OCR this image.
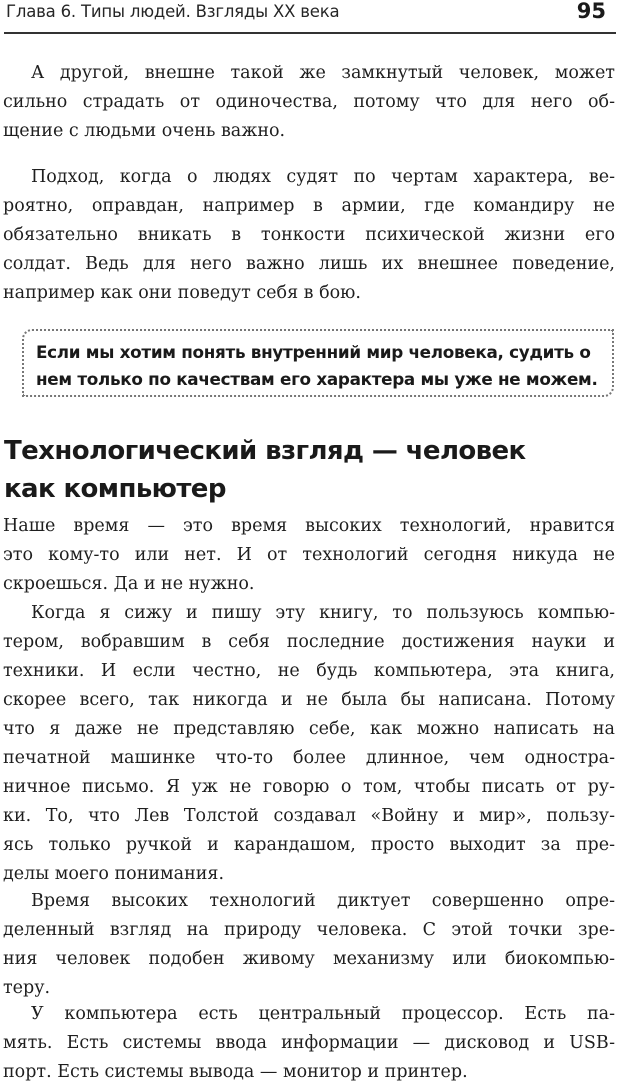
Глава 6. Типы людей. Взгляды XX века	95
А другой, внешне такой же замкнутый человек, может
сильно страдать от одиночества, потому что для него об-
щение с людьми очень важно.
Подход, когда о людях судят по чертам характера, ве-
роятно, оправдан, например в армии, где командиру не
обязательно вникать в тонкости психической жизни его
солдат. Ведь для него важно лишь их внешнее поведение,
например как они поведут себя в бою.
Если мы хотим понять внутренний мир человека, судить о
нем только по качествам его характера мы уже не можем.
Технологический взгляд — человек
как компьютер
Наше время — это время высоких технологий, нравится
это кому-то или нет. И от технологий сегодня никуда не
скроешься. Да и не нужно.
Когда я сижу и пишу эту книгу, то пользуюсь компью-
тером, вобравшим в себя последние достижения науки и
техники. И если честно, не будь компьютера, эта книга,
скорее всего, так никогда и не была бы написана. Потому
что я даже не представляю себе, как можно написать на
печатной машинке что-то более длинное, чем одностра-
ничное письмо. Я уж не говорю о том, чтобы писать от ру-
ки. То, что Лев Толстой создавал «Войну и мир», пользу-
ясь только ручкой и карандашом, просто выходит за пре-
делы моего понимания.
Время высоких технологий диктует совершенно опре-
деленный взгляд на природу человека. С этой точки зре-
ния человек подобен живому механизму или биокомпью-
теру.
У компьютера есть центральный процессор. Есть па-
мять. Есть системы ввода информации — дисковод и USB-
порт. Есть системы вывода — монитор и принтер.
